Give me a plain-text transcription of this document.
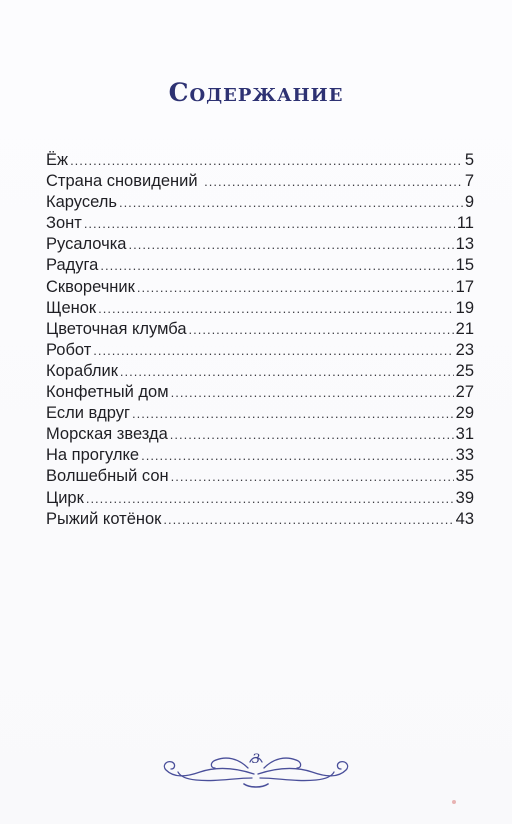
Содержание
Ёж .....	5
Страна сновидений .....	7
Карусель .....	9
Зонт .....	11
Русалочка .....	13
Радуга .....	15
Скворечник .....	17
Щенок .....	19
Цветочная клумба .....	21
Робот .....	23
Кораблик .....	25
Конфетный дом .....	27
Если вдруг .....	29
Морская звезда .....	31
На прогулке .....	33
Волшебный сон .....	35
Цирк .....	39
Рыжий котёнок .....	43
3
